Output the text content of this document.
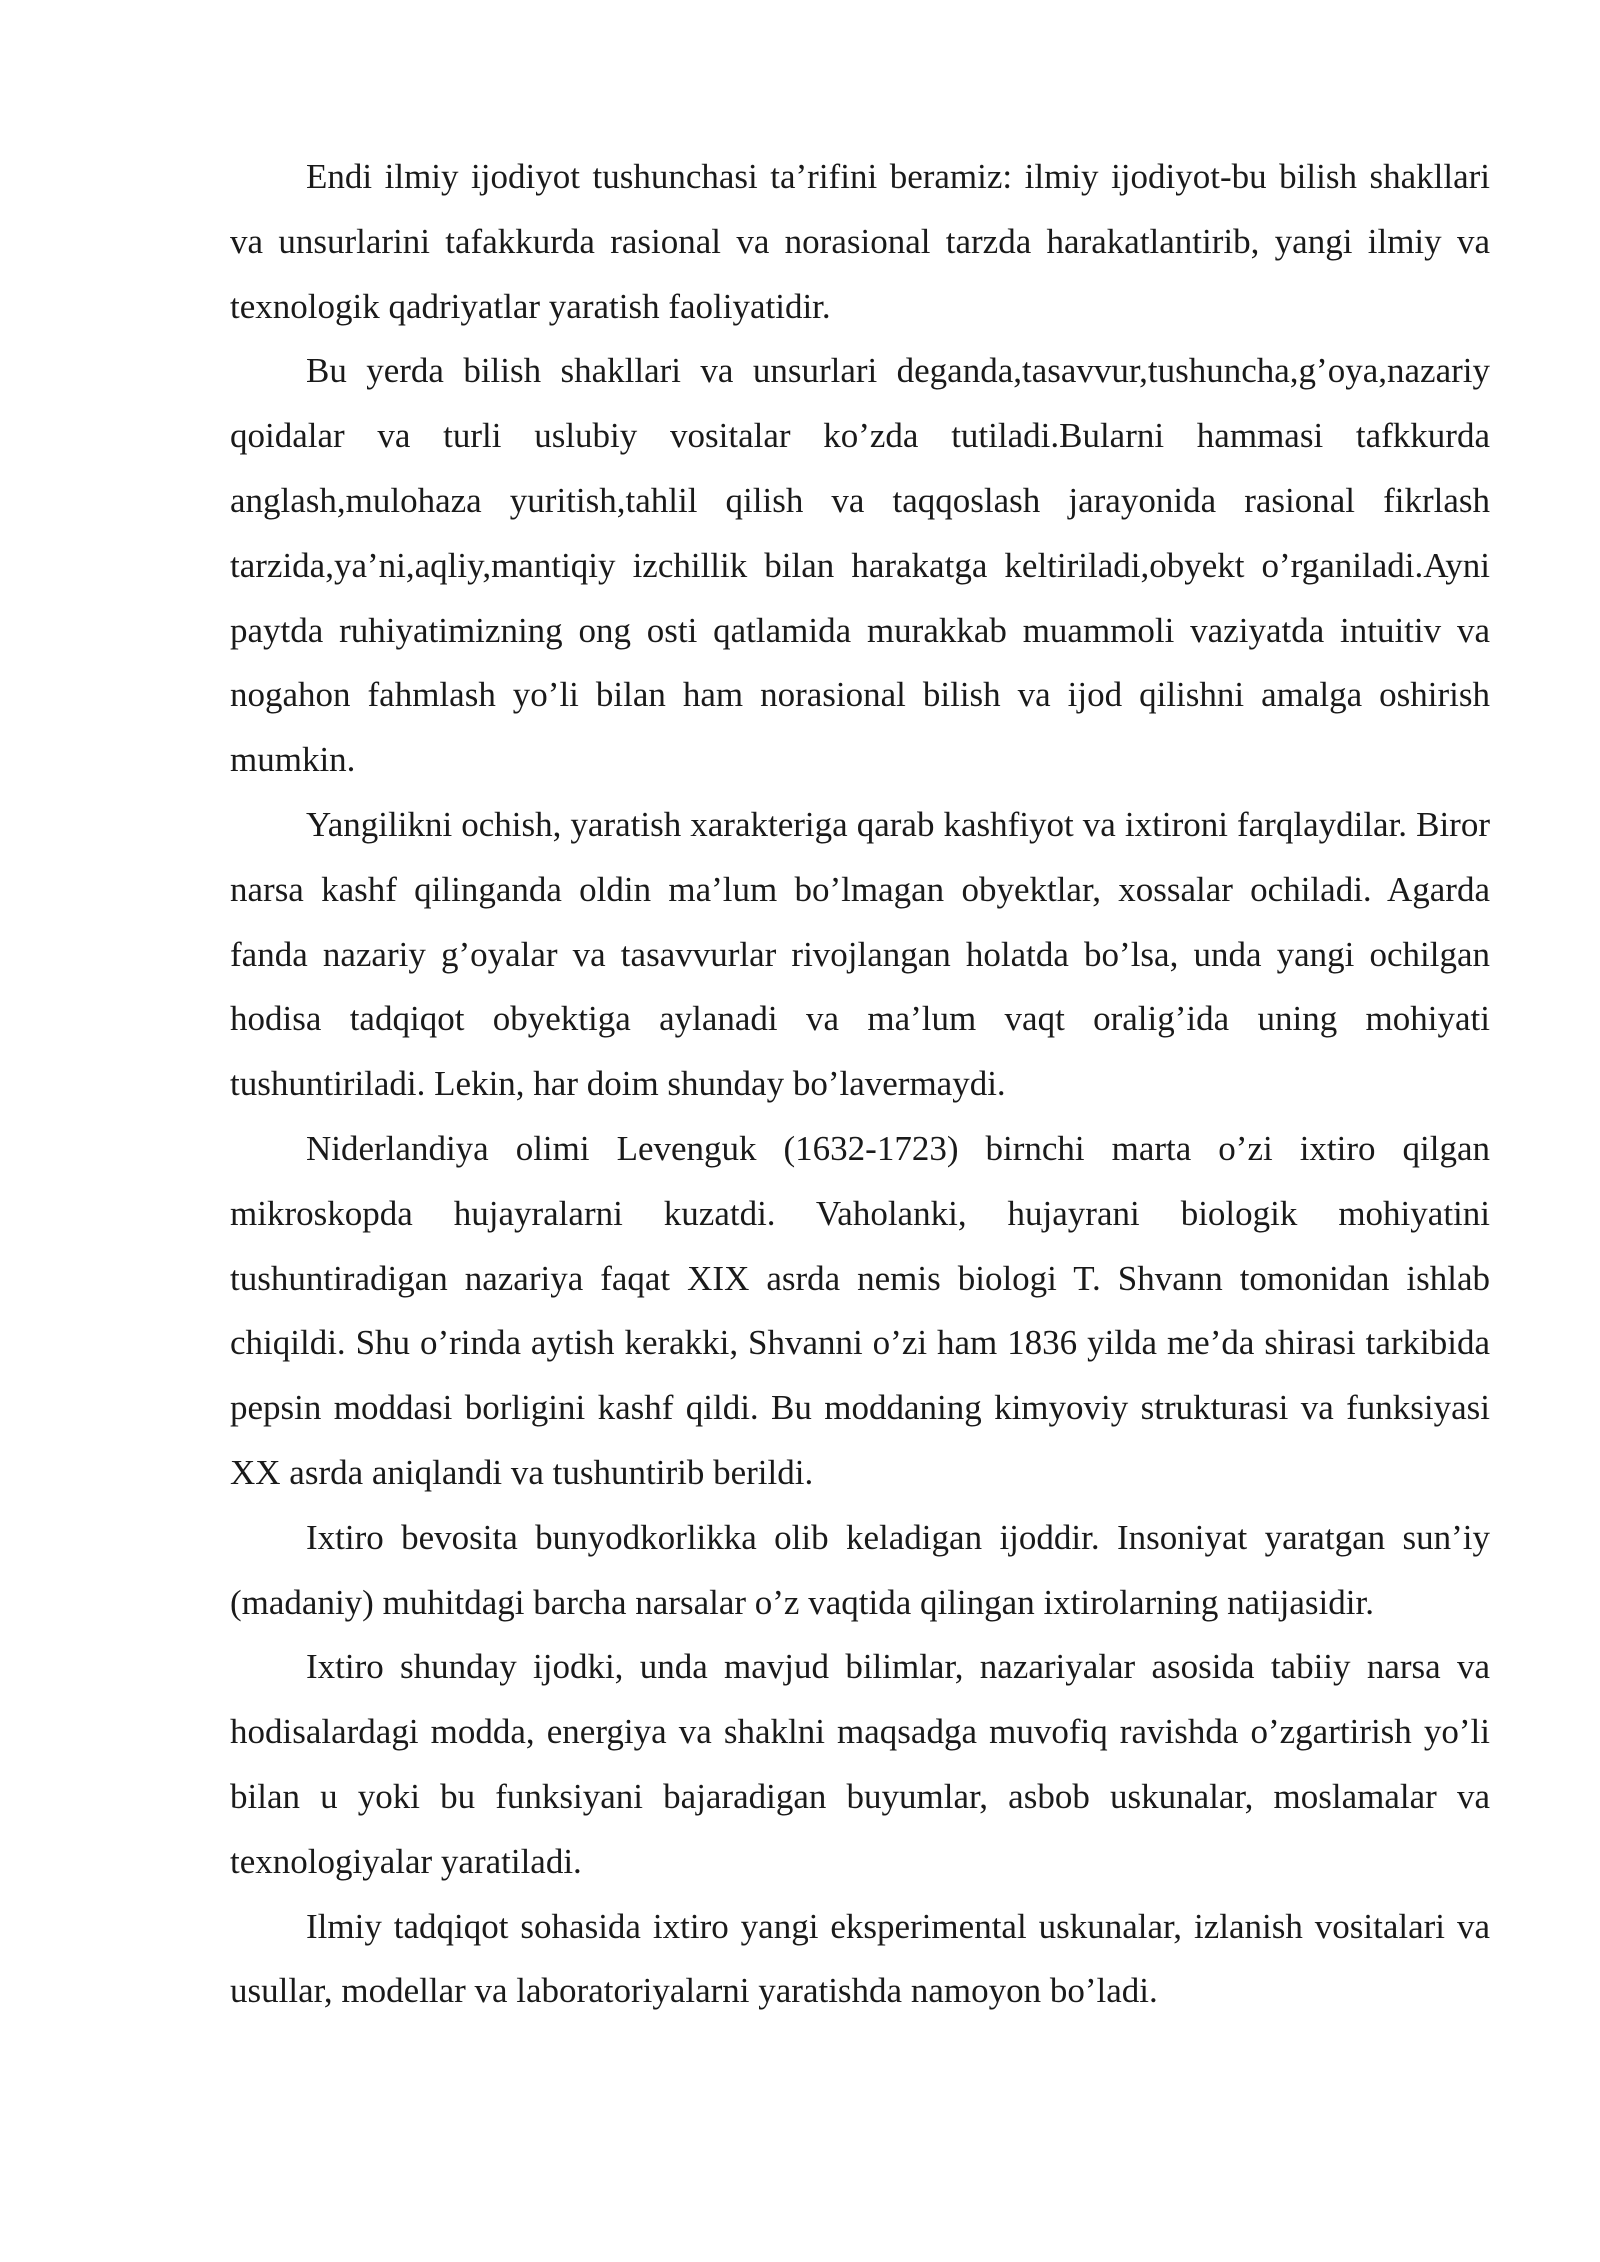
Endi ilmiy ijodiyot tushunchasi ta’rifini beramiz: ilmiy ijodiyot-bu bilish shakllari va unsurlarini tafakkurda rasional va norasional tarzda harakatlantirib, yangi ilmiy va texnologik qadriyatlar yaratish faoliyatidir.

Bu yerda bilish shakllari va unsurlari deganda,tasavvur,tushuncha,g’oya,nazariy qoidalar va turli uslubiy vositalar ko’zda tutiladi.Bularni hammasi tafkkurda anglash,mulohaza yuritish,tahlil qilish va taqqoslash jarayonida rasional fikrlash tarzida,ya’ni,aqliy,mantiqiy izchillik bilan harakatga keltiriladi,obyekt o’rganiladi.Ayni paytda ruhiyatimizning ong osti qatlamida murakkab muammoli vaziyatda intuitiv va nogahon fahmlash yo’li bilan ham norasional bilish va ijod qilishni amalga oshirish mumkin.

Yangilikni ochish, yaratish xarakteriga qarab kashfiyot va ixtironi farqlaydilar. Biror narsa kashf qilinganda oldin ma’lum bo’lmagan obyektlar, xossalar ochiladi. Agarda fanda nazariy g’oyalar va tasavvurlar rivojlangan holatda bo’lsa, unda yangi ochilgan hodisa tadqiqot obyektiga aylanadi va ma’lum vaqt oralig’ida uning mohiyati tushuntiriladi. Lekin, har doim shunday bo’lavermaydi.

Niderlandiya olimi Levenguk (1632-1723) birnchi marta o’zi ixtiro qilgan mikroskopda hujayralarni kuzatdi. Vaholanki, hujayrani biologik mohiyatini tushuntiradigan nazariya faqat XIX asrda nemis biologi T. Shvann tomonidan ishlab chiqildi. Shu o’rinda aytish kerakki, Shvanni o’zi ham 1836 yilda me’da shirasi tarkibida pepsin moddasi borligini kashf qildi. Bu moddaning kimyoviy strukturasi va funksiyasi XX asrda aniqlandi va tushuntirib berildi.

Ixtiro bevosita bunyodkorlikka olib keladigan ijoddir. Insoniyat yaratgan sun’iy (madaniy) muhitdagi barcha narsalar o’z vaqtida qilingan ixtirolarning natijasidir.

Ixtiro shunday ijodki, unda mavjud bilimlar, nazariyalar asosida tabiiy narsa va hodisalardagi modda, energiya va shaklni maqsadga muvofiq ravishda o’zgartirish yo’li bilan u yoki bu funksiyani bajaradigan buyumlar, asbob uskunalar, moslamalar va texnologiyalar yaratiladi.

Ilmiy tadqiqot sohasida ixtiro yangi eksperimental uskunalar, izlanish vositalari va usullar, modellar va laboratoriyalarni yaratishda namoyon bo’ladi.
